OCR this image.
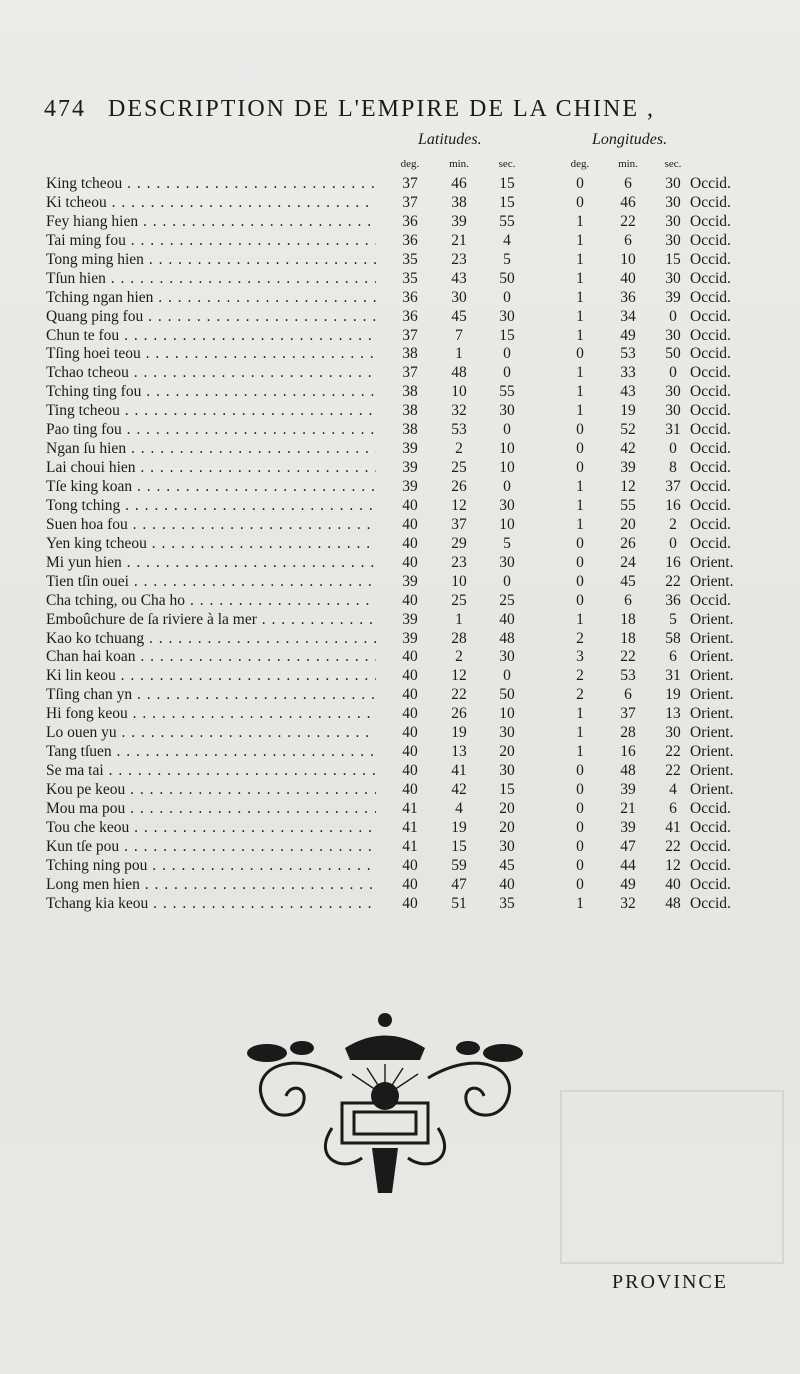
474 DESCRIPTION DE L'EMPIRE DE LA CHINE ,
Latitudes.	Longitudes.
deg.	min.	sec.	deg.	min.	sec.
King tcheou . . .	37	46	15	0	6	30 Occid.
Ki tcheou . . .	37	38	15	0	46	30 Occid.
Fey hiang hien . . .	36	39	55	1	22	30 Occid.
Tai ming fou . . .	36	21	4	1	6	30 Occid.
Tong ming hien . . .	35	23	5	1	10	15 Occid.
Tſun hien . . .	35	43	50	1	40	30 Occid.
Tching ngan hien . . .	36	30	0	1	36	39 Occid.
Quang ping fou . . .	36	45	30	1	34	0 Occid.
Chun te fou . . .	37	7	15	1	49	30 Occid.
Tſing hoei teou . . .	38	1	0	0	53	50 Occid.
Tchao tcheou . . .	37	48	0	1	33	0 Occid.
Tching ting fou . . .	38	10	55	1	43	30 Occid.
Ting tcheou . . .	38	32	30	1	19	30 Occid.
Pao ting fou . . .	38	53	0	0	52	31 Occid.
Ngan ſu hien . . .	39	2	10	0	42	0 Occid.
Lai choui hien . . .	39	25	10	0	39	8 Occid.
Tſe king koan . . .	39	26	0	1	12	37 Occid.
Tong tching . . .	40	12	30	1	55	16 Occid.
Suen hoa fou . . .	40	37	10	1	20	2 Occid.
Yen king tcheou . . .	40	29	5	0	26	0 Occid.
Mi yun hien . . .	40	23	30	0	24	16 Orient.
Tien tſin ouei . . .	39	10	0	0	45	22 Orient.
Cha tching, ou Cha ho . . .	40	25	25	0	6	36 Occid.
Emboûchure de ſa riviere à la mer . . .	39	1	40	1	18	5 Orient.
Kao ko tchuang . . .	39	28	48	2	18	58 Orient.
Chan hai koan . . .	40	2	30	3	22	6 Orient.
Ki lin keou . . .	40	12	0	2	53	31 Orient.
Tſing chan yn . . .	40	22	50	2	6	19 Orient.
Hi fong keou . . .	40	26	10	1	37	13 Orient.
Lo ouen yu . . .	40	19	30	1	28	30 Orient.
Tang tſuen . . .	40	13	20	1	16	22 Orient.
Se ma tai . . .	40	41	30	0	48	22 Orient.
Kou pe keou . . .	40	42	15	0	39	4 Orient.
Mou ma pou . . .	41	4	20	0	21	6 Occid.
Tou che keou . . .	41	19	20	0	39	41 Occid.
Kun tſe pou . . .	41	15	30	0	47	22 Occid.
Tching ning pou . . .	40	59	45	0	44	12 Occid.
Long men hien . . .	40	47	40	0	49	40 Occid.
Tchang kia keou . . .	40	51	35	1	32	48 Occid.
PROVINCE
